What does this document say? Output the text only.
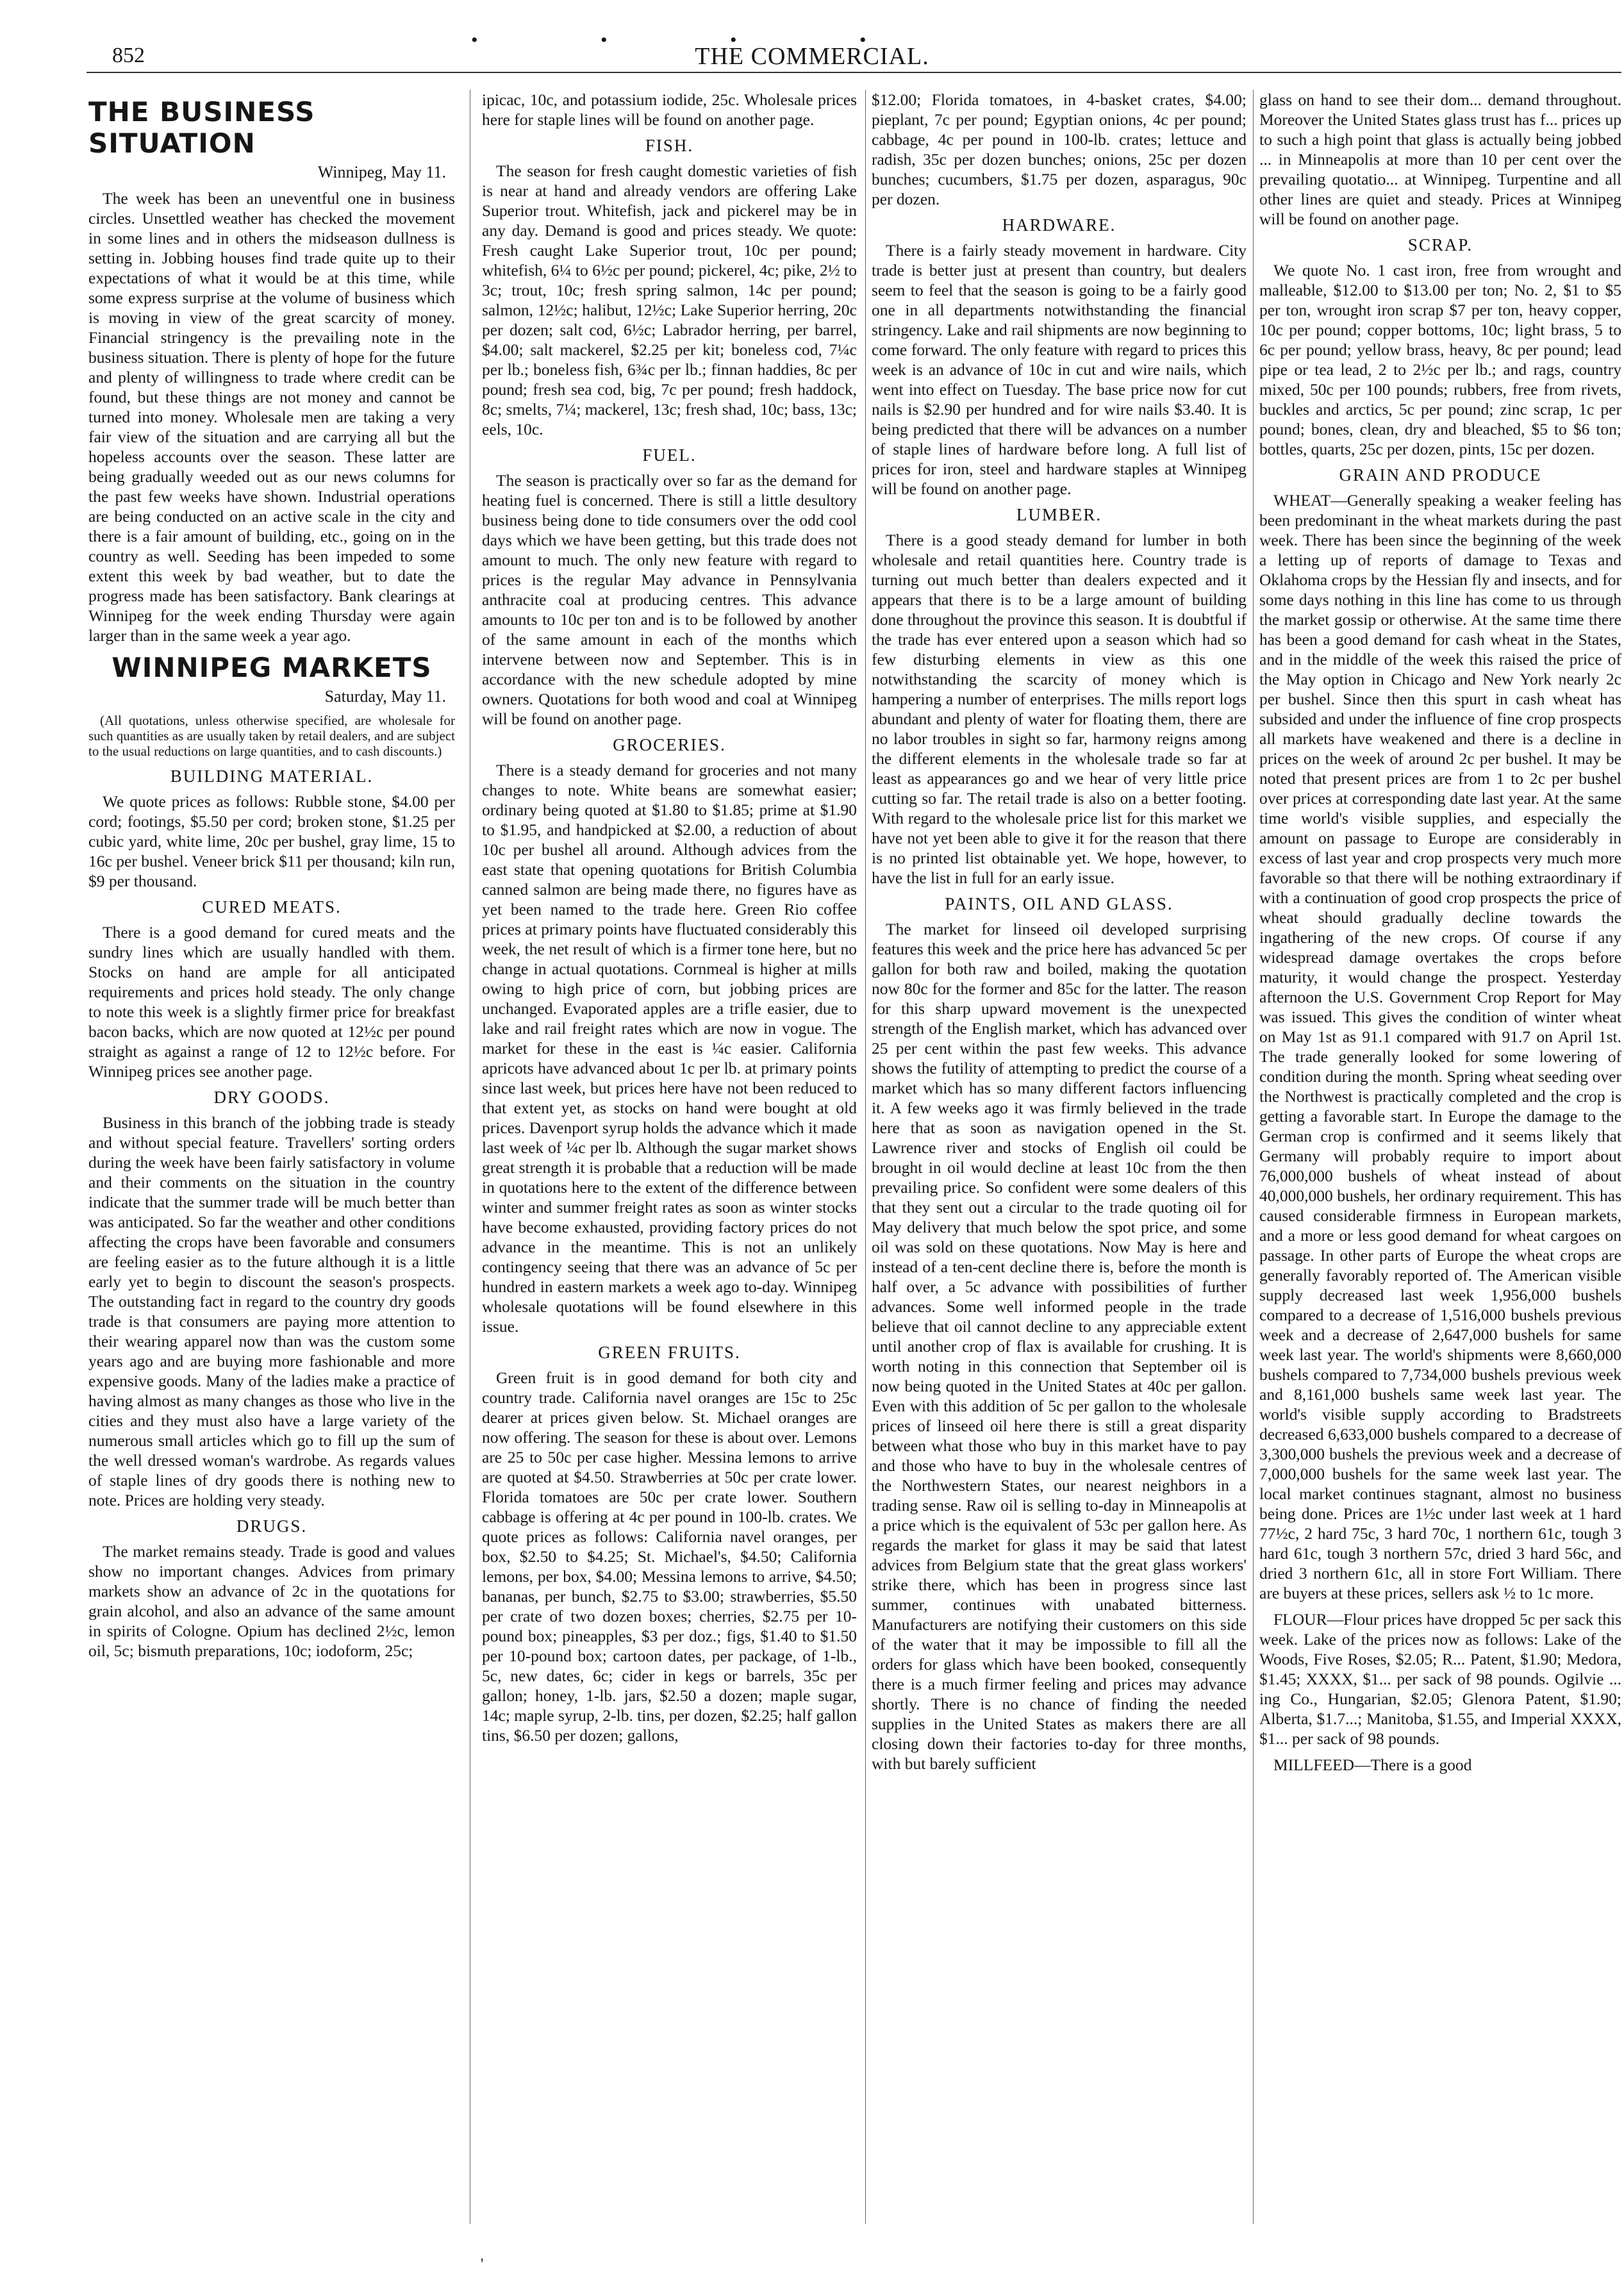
• • • •
852	THE COMMERCIAL.
THE BUSINESS SITUATION
Winnipeg, May 11.

The week has been an uneventful one in business circles. Unsettled weather has checked the movement in some lines and in others the midseason dullness is setting in. Jobbing houses find trade quite up to their expectations of what it would be at this time, while some express surprise at the volume of business which is moving in view of the great scarcity of money. Financial stringency is the prevailing note in the business situation. There is plenty of hope for the future and plenty of willingness to trade where credit can be found, but these things are not money and cannot be turned into money. Wholesale men are taking a very fair view of the situation and are carrying all but the hopeless accounts over the season. These latter are being gradually weeded out as our news columns for the past few weeks have shown. Industrial operations are being conducted on an active scale in the city and there is a fair amount of building, etc., going on in the country as well. Seeding has been impeded to some extent this week by bad weather, but to date the progress made has been satisfactory. Bank clearings at Winnipeg for the week ending Thursday were again larger than in the same week a year ago.

WINNIPEG MARKETS
Saturday, May 11.
(All quotations, unless otherwise specified, are wholesale for such quantities as are usually taken by retail dealers, and are subject to the usual reductions on large quantities, and to cash discounts.)
BUILDING MATERIAL.

We quote prices as follows: Rubble stone, $4.00 per cord; footings, $5.50 per cord; broken stone, $1.25 per cubic yard, white lime, 20c per bushel, gray lime, 15 to 16c per bushel. Veneer brick $11 per thousand; kiln run, $9 per thousand.

CURED MEATS.

There is a good demand for cured meats and the sundry lines which are usually handled with them. Stocks on hand are ample for all anticipated requirements and prices hold steady. The only change to note this week is a slightly firmer price for breakfast bacon backs, which are now quoted at 12½c per pound straight as against a range of 12 to 12½c before. For Winnipeg prices see another page.

DRY GOODS.

Business in this branch of the jobbing trade is steady and without special feature. Travellers' sorting orders during the week have been fairly satisfactory in volume and their comments on the situation in the country indicate that the summer trade will be much better than was anticipated. So far the weather and other conditions affecting the crops have been favorable and consumers are feeling easier as to the future although it is a little early yet to begin to discount the season's prospects. The outstanding fact in regard to the country dry goods trade is that consumers are paying more attention to their wearing apparel now than was the custom some years ago and are buying more fashionable and more expensive goods. Many of the ladies make a practice of having almost as many changes as those who live in the cities and they must also have a large variety of the numerous small articles which go to fill up the sum of the well dressed woman's wardrobe. As regards values of staple lines of dry goods there is nothing new to note. Prices are holding very steady.

DRUGS.

The market remains steady. Trade is good and values show no important changes. Advices from primary markets show an advance of 2c in the quotations for grain alcohol, and also an advance of the same amount in spirits of Cologne. Opium has declined 2½c, lemon oil, 5c; bismuth preparations, 10c; iodoform, 25c;

ipicac, 10c, and potassium iodide, 25c. Wholesale prices here for staple lines will be found on another page.

FISH.

The season for fresh caught domestic varieties of fish is near at hand and already vendors are offering Lake Superior trout. Whitefish, jack and pickerel may be in any day. Demand is good and prices steady. We quote: Fresh caught Lake Superior trout, 10c per pound; whitefish, 6¼ to 6½c per pound; pickerel, 4c; pike, 2½ to 3c; trout, 10c; fresh spring salmon, 14c per pound; salmon, 12½c; halibut, 12½c; Lake Superior herring, 20c per dozen; salt cod, 6½c; Labrador herring, per barrel, $4.00; salt mackerel, $2.25 per kit; boneless cod, 7¼c per lb.; boneless fish, 6¾c per lb.; finnan haddies, 8c per pound; fresh sea cod, big, 7c per pound; fresh haddock, 8c; smelts, 7¼; mackerel, 13c; fresh shad, 10c; bass, 13c; eels, 10c.

FUEL.

The season is practically over so far as the demand for heating fuel is concerned. There is still a little desultory business being done to tide consumers over the odd cool days which we have been getting, but this trade does not amount to much. The only new feature with regard to prices is the regular May advance in Pennsylvania anthracite coal at producing centres. This advance amounts to 10c per ton and is to be followed by another of the same amount in each of the months which intervene between now and September. This is in accordance with the new schedule adopted by mine owners. Quotations for both wood and coal at Winnipeg will be found on another page.

GROCERIES.

There is a steady demand for groceries and not many changes to note. White beans are somewhat easier; ordinary being quoted at $1.80 to $1.85; prime at $1.90 to $1.95, and handpicked at $2.00, a reduction of about 10c per bushel all around. Although advices from the east state that opening quotations for British Columbia canned salmon are being made there, no figures have as yet been named to the trade here. Green Rio coffee prices at primary points have fluctuated considerably this week, the net result of which is a firmer tone here, but no change in actual quotations. Cornmeal is higher at mills owing to high price of corn, but jobbing prices are unchanged. Evaporated apples are a trifle easier, due to lake and rail freight rates which are now in vogue. The market for these in the east is ¼c easier. California apricots have advanced about 1c per lb. at primary points since last week, but prices here have not been reduced to that extent yet, as stocks on hand were bought at old prices. Davenport syrup holds the advance which it made last week of ¼c per lb. Although the sugar market shows great strength it is probable that a reduction will be made in quotations here to the extent of the difference between winter and summer freight rates as soon as winter stocks have become exhausted, providing factory prices do not advance in the meantime. This is not an unlikely contingency seeing that there was an advance of 5c per hundred in eastern markets a week ago to-day. Winnipeg wholesale quotations will be found elsewhere in this issue.

GREEN FRUITS.

Green fruit is in good demand for both city and country trade. California navel oranges are 15c to 25c dearer at prices given below. St. Michael oranges are now offering. The season for these is about over. Lemons are 25 to 50c per case higher. Messina lemons to arrive are quoted at $4.50. Strawberries at 50c per crate lower. Florida tomatoes are 50c per crate lower. Southern cabbage is offering at 4c per pound in 100-lb. crates. We quote prices as follows: California navel oranges, per box, $2.50 to $4.25; St. Michael's, $4.50; California lemons, per box, $4.00; Messina lemons to arrive, $4.50; bananas, per bunch, $2.75 to $3.00; strawberries, $5.50 per crate of two dozen boxes; cherries, $2.75 per 10-pound box; pineapples, $3 per doz.; figs, $1.40 to $1.50 per 10-pound box; cartoon dates, per package, of 1-lb., 5c, new dates, 6c; cider in kegs or barrels, 35c per gallon; honey, 1-lb. jars, $2.50 a dozen; maple sugar, 14c; maple syrup, 2-lb. tins, per dozen, $2.25; half gallon tins, $6.50 per dozen; gallons,

$12.00; Florida tomatoes, in 4-basket crates, $4.00; pieplant, 7c per pound; Egyptian onions, 4c per pound; cabbage, 4c per pound in 100-lb. crates; lettuce and radish, 35c per dozen bunches; onions, 25c per dozen bunches; cucumbers, $1.75 per dozen, asparagus, 90c per dozen.

HARDWARE.

There is a fairly steady movement in hardware. City trade is better just at present than country, but dealers seem to feel that the season is going to be a fairly good one in all departments notwithstanding the financial stringency. Lake and rail shipments are now beginning to come forward. The only feature with regard to prices this week is an advance of 10c in cut and wire nails, which went into effect on Tuesday. The base price now for cut nails is $2.90 per hundred and for wire nails $3.40. It is being predicted that there will be advances on a number of staple lines of hardware before long. A full list of prices for iron, steel and hardware staples at Winnipeg will be found on another page.

LUMBER.

There is a good steady demand for lumber in both wholesale and retail quantities here. Country trade is turning out much better than dealers expected and it appears that there is to be a large amount of building done throughout the province this season. It is doubtful if the trade has ever entered upon a season which had so few disturbing elements in view as this one notwithstanding the scarcity of money which is hampering a number of enterprises. The mills report logs abundant and plenty of water for floating them, there are no labor troubles in sight so far, harmony reigns among the different elements in the wholesale trade so far at least as appearances go and we hear of very little price cutting so far. The retail trade is also on a better footing. With regard to the wholesale price list for this market we have not yet been able to give it for the reason that there is no printed list obtainable yet. We hope, however, to have the list in full for an early issue.

PAINTS, OIL AND GLASS.

The market for linseed oil developed surprising features this week and the price here has advanced 5c per gallon for both raw and boiled, making the quotation now 80c for the former and 85c for the latter. The reason for this sharp upward movement is the unexpected strength of the English market, which has advanced over 25 per cent within the past few weeks. This advance shows the futility of attempting to predict the course of a market which has so many different factors influencing it. A few weeks ago it was firmly believed in the trade here that as soon as navigation opened in the St. Lawrence river and stocks of English oil could be brought in oil would decline at least 10c from the then prevailing price. So confident were some dealers of this that they sent out a circular to the trade quoting oil for May delivery that much below the spot price, and some oil was sold on these quotations. Now May is here and instead of a ten-cent decline there is, before the month is half over, a 5c advance with possibilities of further advances. Some well informed people in the trade believe that oil cannot decline to any appreciable extent until another crop of flax is available for crushing. It is worth noting in this connection that September oil is now being quoted in the United States at 40c per gallon. Even with this addition of 5c per gallon to the wholesale prices of linseed oil here there is still a great disparity between what those who buy in this market have to pay and those who have to buy in the wholesale centres of the Northwestern States, our nearest neighbors in a trading sense. Raw oil is selling to-day in Minneapolis at a price which is the equivalent of 53c per gallon here. As regards the market for glass it may be said that latest advices from Belgium state that the great glass workers' strike there, which has been in progress since last summer, continues with unabated bitterness. Manufacturers are notifying their customers on this side of the water that it may be impossible to fill all the orders for glass which have been booked, consequently there is a much firmer feeling and prices may advance shortly. There is no chance of finding the needed supplies in the United States as makers there are all closing down their factories to-day for three months, with but barely sufficient

glass on hand to see their dom... demand throughout. Moreover the United States glass trust has f... prices up to such a high point that glass is actually being jobbed ... in Minneapolis at more than 10 per cent over the prevailing quotatio... at Winnipeg. Turpentine and all other lines are quiet and steady. Prices at Winnipeg will be found on another page.

SCRAP.

We quote No. 1 cast iron, free from wrought and malleable, $12.00 to $13.00 per ton; No. 2, $1 to $5 per ton, wrought iron scrap $7 per ton, heavy copper, 10c per pound; copper bottoms, 10c; light brass, 5 to 6c per pound; yellow brass, heavy, 8c per pound; lead pipe or tea lead, 2 to 2½c per lb.; and rags, country mixed, 50c per 100 pounds; rubbers, free from rivets, buckles and arctics, 5c per pound; zinc scrap, 1c per pound; bones, clean, dry and bleached, $5 to $6 ton; bottles, quarts, 25c per dozen, pints, 15c per dozen.

GRAIN AND PRODUCE

WHEAT—Generally speaking a weaker feeling has been predominant in the wheat markets during the past week. There has been since the beginning of the week a letting up of reports of damage to Texas and Oklahoma crops by the Hessian fly and insects, and for some days nothing in this line has come to us through the market gossip or otherwise. At the same time there has been a good demand for cash wheat in the States, and in the middle of the week this raised the price of the May option in Chicago and New York nearly 2c per bushel. Since then this spurt in cash wheat has subsided and under the influence of fine crop prospects all markets have weakened and there is a decline in prices on the week of around 2c per bushel. It may be noted that present prices are from 1 to 2c per bushel over prices at corresponding date last year. At the same time world's visible supplies, and especially the amount on passage to Europe are considerably in excess of last year and crop prospects very much more favorable so that there will be nothing extraordinary if with a continuation of good crop prospects the price of wheat should gradually decline towards the ingathering of the new crops. Of course if any widespread damage overtakes the crops before maturity, it would change the prospect. Yesterday afternoon the U.S. Government Crop Report for May was issued. This gives the condition of winter wheat on May 1st as 91.1 compared with 91.7 on April 1st. The trade generally looked for some lowering of condition during the month. Spring wheat seeding over the Northwest is practically completed and the crop is getting a favorable start. In Europe the damage to the German crop is confirmed and it seems likely that Germany will probably require to import about 76,000,000 bushels of wheat instead of about 40,000,000 bushels, her ordinary requirement. This has caused considerable firmness in European markets, and a more or less good demand for wheat cargoes on passage. In other parts of Europe the wheat crops are generally favorably reported of. The American visible supply decreased last week 1,956,000 bushels compared to a decrease of 1,516,000 bushels previous week and a decrease of 2,647,000 bushels for same week last year. The world's shipments were 8,660,000 bushels compared to 7,734,000 bushels previous week and 8,161,000 bushels same week last year. The world's visible supply according to Bradstreets decreased 6,633,000 bushels compared to a decrease of 3,300,000 bushels the previous week and a decrease of 7,000,000 bushels for the same week last year. The local market continues stagnant, almost no business being done. Prices are 1½c under last week at 1 hard 77½c, 2 hard 75c, 3 hard 70c, 1 northern 61c, tough 3 hard 61c, tough 3 northern 57c, dried 3 hard 56c, and dried 3 northern 61c, all in store Fort William. There are buyers at these prices, sellers ask ½ to 1c more.

FLOUR—Flour prices have dropped 5c per sack this week. Lake of the prices now as follows: Lake of the Woods, Five Roses, $2.05; R... Patent, $1.90; Medora, $1.45; XXXX, $1... per sack of 98 pounds. Ogilvie ... ing Co., Hungarian, $2.05; Glenora Patent, $1.90; Alberta, $1.7...; Manitoba, $1.55, and Imperial XXXX, $1... per sack of 98 pounds.

MILLFEED—There is a good

'
